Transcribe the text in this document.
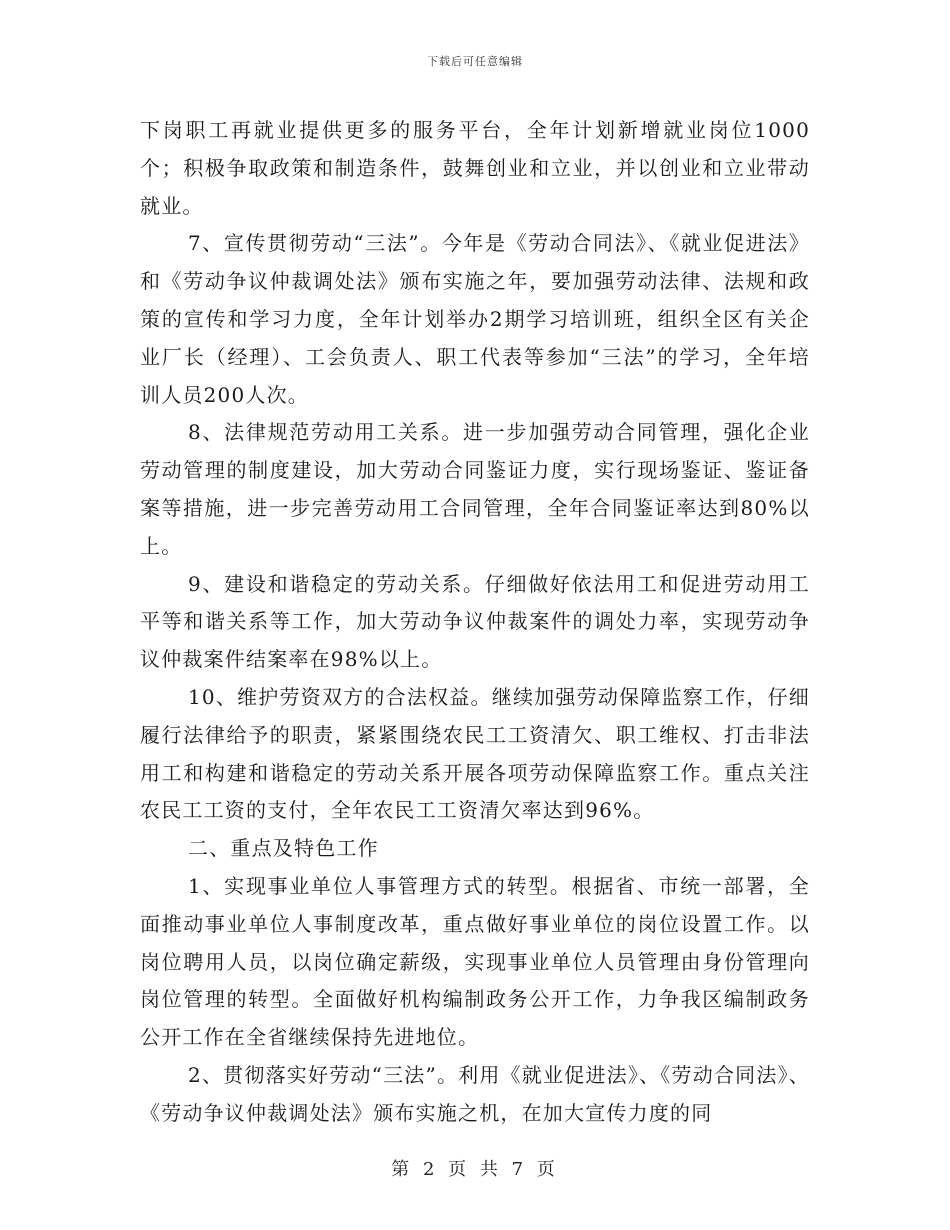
下载后可任意编辑

下岗职工再就业提供更多的服务平台，全年计划新增就业岗位1000个；积极争取政策和制造条件，鼓舞创业和立业，并以创业和立业带动就业。

7、宣传贯彻劳动“三法”。今年是《劳动合同法》、《就业促进法》和《劳动争议仲裁调处法》颁布实施之年，要加强劳动法律、法规和政策的宣传和学习力度，全年计划举办2期学习培训班，组织全区有关企业厂长（经理）、工会负责人、职工代表等参加“三法”的学习，全年培训人员200人次。

8、法律规范劳动用工关系。进一步加强劳动合同管理，强化企业劳动管理的制度建设，加大劳动合同鉴证力度，实行现场鉴证、鉴证备案等措施，进一步完善劳动用工合同管理，全年合同鉴证率达到80%以上。

9、建设和谐稳定的劳动关系。仔细做好依法用工和促进劳动用工平等和谐关系等工作，加大劳动争议仲裁案件的调处力率，实现劳动争议仲裁案件结案率在98%以上。

10、维护劳资双方的合法权益。继续加强劳动保障监察工作，仔细履行法律给予的职责，紧紧围绕农民工工资清欠、职工维权、打击非法用工和构建和谐稳定的劳动关系开展各项劳动保障监察工作。重点关注农民工工资的支付，全年农民工工资清欠率达到96%。

二、重点及特色工作

1、实现事业单位人事管理方式的转型。根据省、市统一部署，全面推动事业单位人事制度改革，重点做好事业单位的岗位设置工作。以岗位聘用人员，以岗位确定薪级，实现事业单位人员管理由身份管理向岗位管理的转型。全面做好机构编制政务公开工作，力争我区编制政务公开工作在全省继续保持先进地位。

2、贯彻落实好劳动“三法”。利用《就业促进法》、《劳动合同法》、《劳动争议仲裁调处法》颁布实施之机，在加大宣传力度的同

第 2 页 共 7 页
